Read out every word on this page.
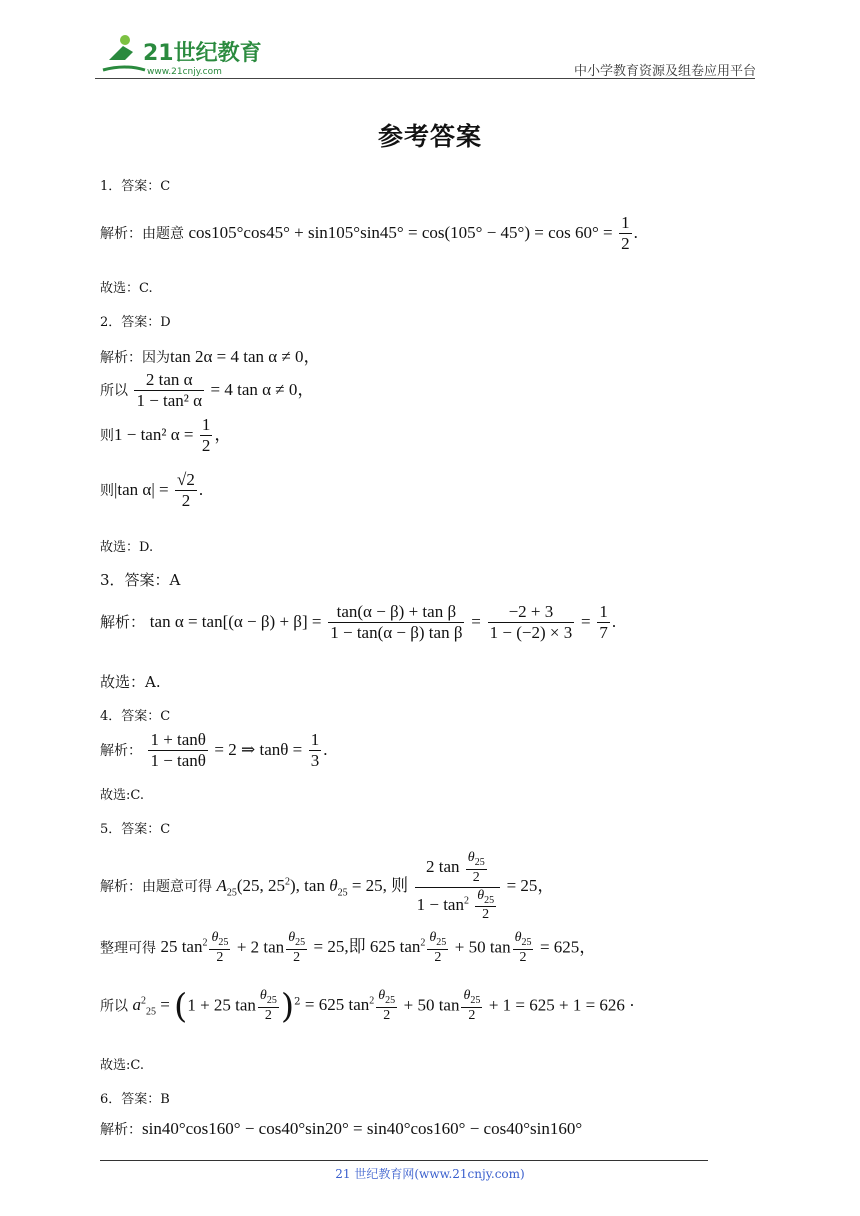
21世纪教育
www.21cnjy.com	中小学教育资源及组卷应用平台
参考答案
1．答案：C
解析：由题意 $\cos 105^\circ\cos 45^\circ + \sin 105^\circ\sin 45^\circ = \cos(105^\circ - 45^\circ) = \cos 60^\circ = \frac{1}{2}$ .
故选：C.
2．答案：D
解析：因为tan 2α = 4 tan α ≠ 0，
所以 $\frac{\text{2 tan α}}{\text{1 − tan² α}} = 4$ tan α ≠ 0，
则1 − tan² $\alpha = \frac{1}{2}$ ，
则|tan $\alpha| = \frac{√2}{2}$ .
故选：D.
3．答案：A
解析： $\tan \alpha = \tan[(\alpha - \beta) + \beta] = \frac{\text{tan(α − β) + tan β}}{\text{1 − tan(α − β) tan β}} = \frac{-2 + 3}{1 - (-2) \times 3} = \frac{1}{7}$ .
故选：A.
4．答案：C
解析： $\frac{1 + \tan\theta}{1 - \tan\theta} = 2$ ⇒ $\tan\theta = \frac{1}{3}$ .
故选:C.
5．答案：C
解析：由题意可得 $A_{25}(25$, $25^2$), $\tan \theta_{25} = 25$, 则 $\frac{2 \tan \frac{\theta_{25}}{2}}{1 - \tan^2 \frac{\theta_{25}}{2}} = 25$，
整理可得 25 $\tan^2 \frac{\theta_{25}}{2} + 2$ $\tan \frac{\theta_{25}}{2} = 25$,即 625 $\tan^2 \frac{\theta_{25}}{2} + 50$ $\tan \frac{\theta_{25}}{2} = 625$，
所以 $a^2_{25} = (1 + 25$ $\tan \frac{\theta_{25}}{2} )^2 = 625$ $\tan^2 \frac{\theta_{25}}{2} + 50$ $\tan \frac{\theta_{25}}{2} + 1 = 625 + 1 = 626$ ·
故选:C.
6．答案：B
解析：sin40°cos160° − cos40°sin20° = sin40°cos160° − cos40°sin160°
21 世纪教育网(www.21cnjy.com)
